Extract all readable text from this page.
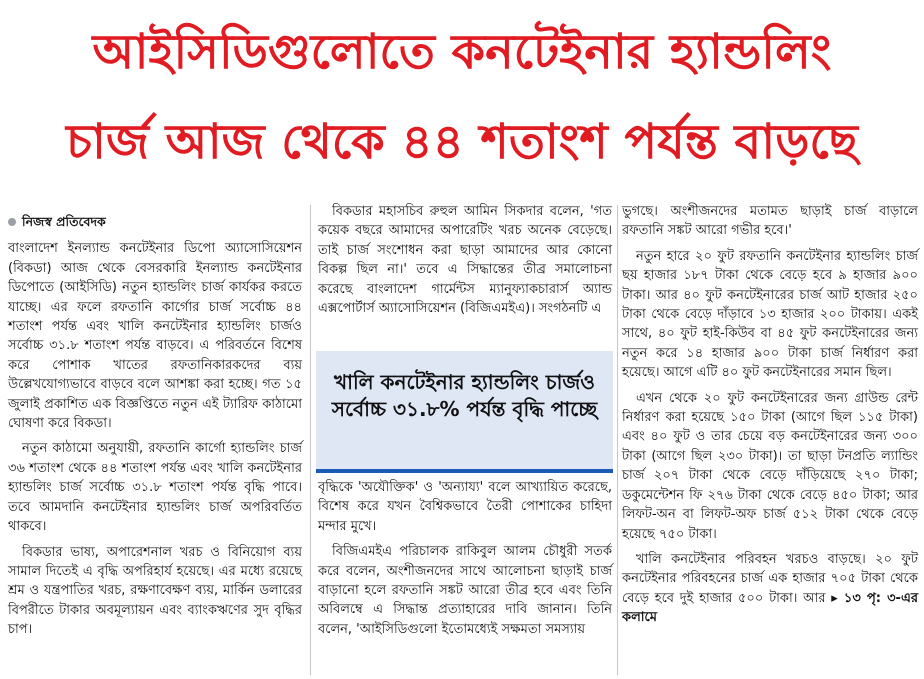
আইসিডিগুলোতে কনটেইনার হ্যান্ডলিং
চার্জ আজ থেকে ৪৪ শতাংশ পর্যন্ত বাড়ছে
নিজস্ব প্রতিবেদক

বাংলাদেশ ইনল্যান্ড কনটেইনার ডিপো অ্যাসোসিয়েশন (বিকডা) আজ থেকে বেসরকারি ইনল্যান্ড কনটেইনার ডিপোতে (আইসিডি) নতুন হ্যান্ডলিং চার্জ কার্যকর করতে যাচ্ছে। এর ফলে রফতানি কার্গোর চার্জ সর্বোচ্চ ৪৪ শতাংশ পর্যন্ত এবং খালি কনটেইনার হ্যান্ডলিং চার্জও সর্বোচ্চ ৩১.৮ শতাংশ পর্যন্ত বাড়বে। এ পরিবর্তনে বিশেষ করে পোশাক খাতের রফতানিকারকদের ব্যয় উল্লেখযোগ্যভাবে বাড়বে বলে আশঙ্কা করা হচ্ছে। গত ১৫ জুলাই প্রকাশিত এক বিজ্ঞপ্তিতে নতুন এই ট্যারিফ কাঠামো ঘোষণা করে বিকডা।

নতুন কাঠামো অনুযায়ী, রফতানি কার্গো হ্যান্ডলিং চার্জ ৩৬ শতাংশ থেকে ৪৪ শতাংশ পর্যন্ত এবং খালি কনটেইনার হ্যান্ডলিং চার্জ সর্বোচ্চ ৩১.৮ শতাংশ পর্যন্ত বৃদ্ধি পাবে। তবে আমদানি কনটেইনার হ্যান্ডলিং চার্জ অপরিবর্তিত থাকবে।

বিকডার ভাষ্য, অপারেশনাল খরচ ও বিনিয়োগ ব্যয় সামাল দিতেই এ বৃদ্ধি অপরিহার্য হয়েছে। এর মধ্যে রয়েছে শ্রম ও যন্ত্রপাতির খরচ, রক্ষণাবেক্ষণ ব্যয়, মার্কিন ডলারের বিপরীতে টাকার অবমূল্যায়ন এবং ব্যাংকঋণের সুদ বৃদ্ধির চাপ।

বিকডার মহাসচিব রুহুল আমিন সিকদার বলেন, 'গত কয়েক বছরে আমাদের অপারেটিং খরচ অনেক বেড়েছে। তাই চার্জ সংশোধন করা ছাড়া আমাদের আর কোনো বিকল্প ছিল না।' তবে এ সিদ্ধান্তের তীব্র সমালোচনা করেছে বাংলাদেশ গার্মেন্টস ম্যানুফ্যাকচারার্স অ্যান্ড এক্সপোর্টার্স অ্যাসোসিয়েশন (বিজিএমইএ)। সংগঠনটি এ

খালি কনটেইনার হ্যান্ডলিং চার্জও সর্বোচ্চ ৩১.৮% পর্যন্ত বৃদ্ধি পাচ্ছে

বৃদ্ধিকে 'অযৌক্তিক' ও 'অন্যায্য' বলে আখ্যায়িত করেছে, বিশেষ করে যখন বৈশ্বিকভাবে তৈরী পোশাকের চাহিদা মন্দার মুখে।

বিজিএমইএ পরিচালক রাকিবুল আলম চৌধুরী সতর্ক করে বলেন, অংশীজনদের সাথে আলোচনা ছাড়াই চার্জ বাড়ানো হলে রফতানি সঙ্কট আরো তীব্র হবে এবং তিনি অবিলম্বে এ সিদ্ধান্ত প্রত্যাহারের দাবি জানান। তিনি বলেন, 'আইসিডিগুলো ইতোমধ্যেই সক্ষমতা সমস্যায়

ভুগছে। অংশীজনদের মতামত ছাড়াই চার্জ বাড়ালে রফতানি সঙ্কট আরো গভীর হবে।'

নতুন হারে ২০ ফুট রফতানি কনটেইনার হ্যান্ডলিং চার্জ ছয় হাজার ১৮৭ টাকা থেকে বেড়ে হবে ৯ হাজার ৯০০ টাকা। আর ৪০ ফুট কনটেইনারের চার্জ আট হাজার ২৫০ টাকা থেকে বেড়ে দাঁড়াবে ১৩ হাজার ২০০ টাকায়। একই সাথে, ৪০ ফুট হাই-কিউব বা ৪৫ ফুট কনটেইনারের জন্য নতুন করে ১৪ হাজার ৯০০ টাকা চার্জ নির্ধারণ করা হয়েছে। আগে এটি ৪০ ফুট কনটেইনারের সমান ছিল।

এখন থেকে ২০ ফুট কনটেইনারের জন্য গ্রাউন্ড রেন্ট নির্ধারণ করা হয়েছে ১৫০ টাকা (আগে ছিল ১১৫ টাকা) এবং ৪০ ফুট ও তার চেয়ে বড় কনটেইনারের জন্য ৩০০ টাকা (আগে ছিল ২৩০ টাকা)। তা ছাড়া টনপ্রতি ল্যান্ডিং চার্জ ২০৭ টাকা থেকে বেড়ে দাঁড়িয়েছে ২৭০ টাকা; ডকুমেন্টেশন ফি ২৭৬ টাকা থেকে বেড়ে ৪৫০ টাকা; আর লিফট-অন বা লিফট-অফ চার্জ ৫১২ টাকা থেকে বেড়ে হয়েছে ৭৫০ টাকা।

খালি কনটেইনার পরিবহন খরচও বাড়ছে। ২০ ফুট কনটেইনার পরিবহনের চার্জ এক হাজার ৭০৫ টাকা থেকে বেড়ে হবে দুই হাজার ৫০০ টাকা। আর ▸ ১৩ পৃ: ৩-এর কলামে
